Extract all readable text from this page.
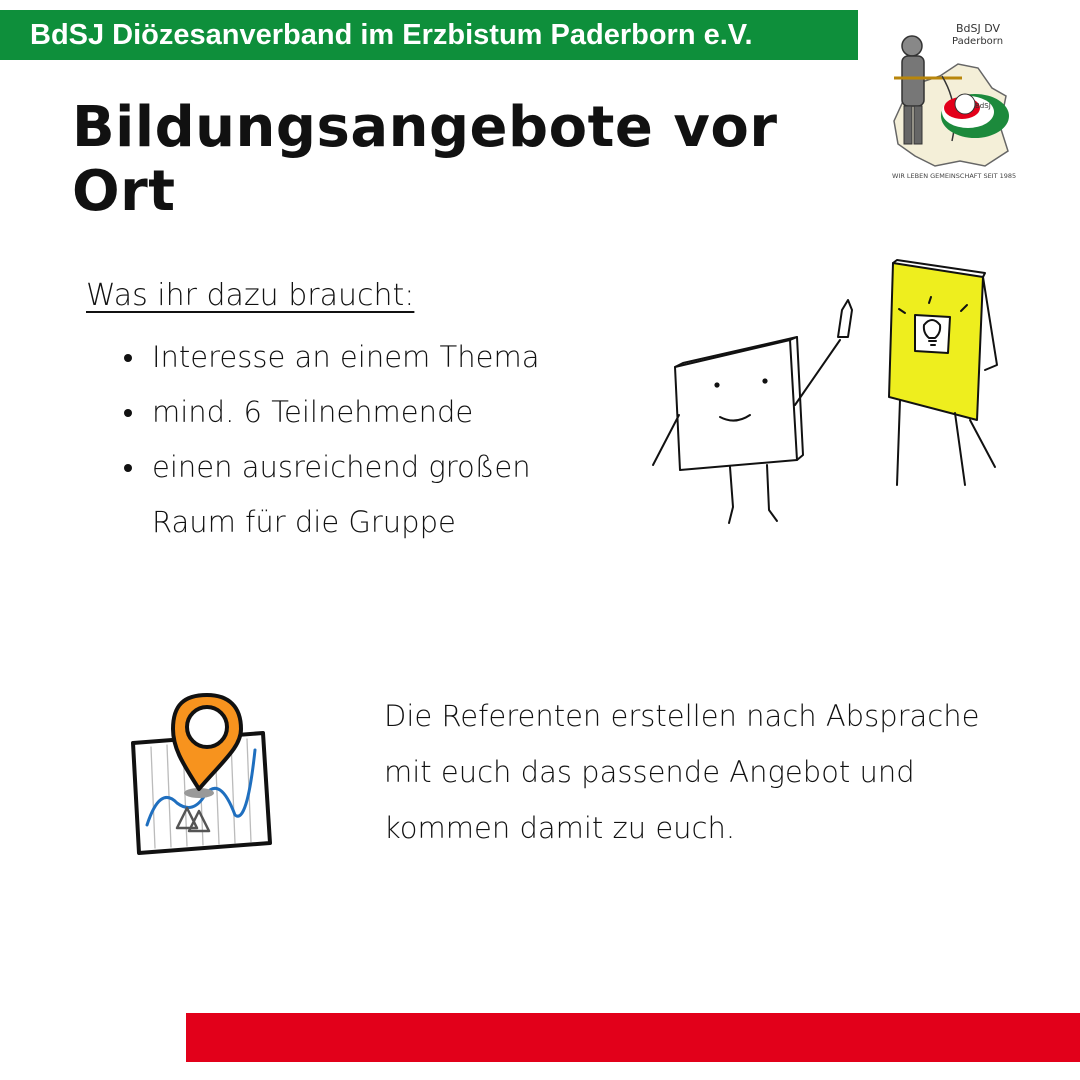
BdSJ Diözesanverband im Erzbistum Paderborn e.V.
Bildungsangebote vor Ort
BdSJ DV
Paderborn
BdSJ
WIR LEBEN GEMEINSCHAFT SEIT 1985
Was ihr dazu braucht:
Interesse an einem Thema
mind. 6 Teilnehmende
einen ausreichend großen Raum für die Gruppe

Die Referenten erstellen nach Absprache mit euch das passende Angebot und kommen damit zu euch.
